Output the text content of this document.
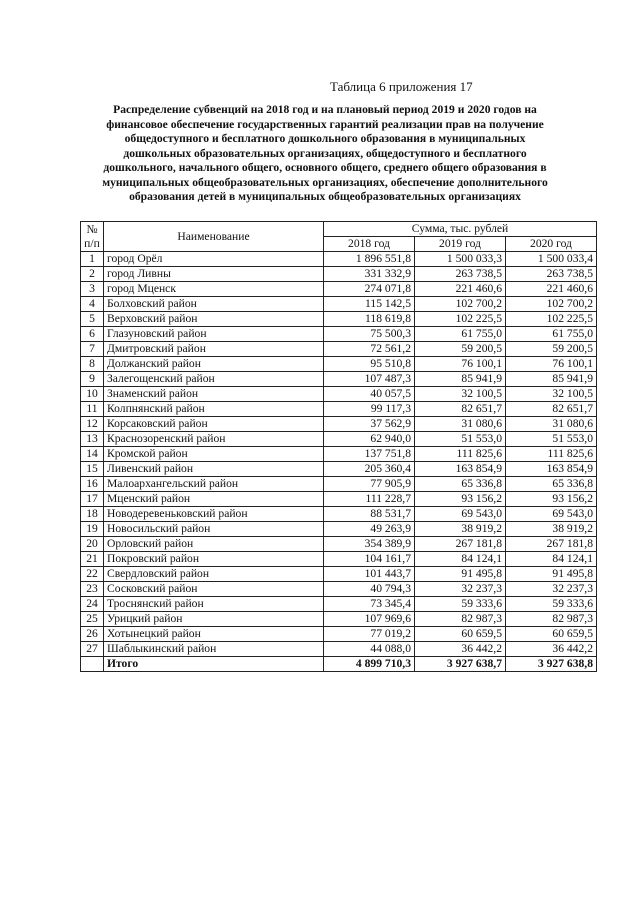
Таблица 6 приложения 17
Распределение субвенций на 2018 год и на плановый период 2019 и 2020 годов на
финансовое обеспечение государственных гарантий реализации прав на получение
общедоступного и бесплатного дошкольного образования в муниципальных
дошкольных образовательных организациях, общедоступного и бесплатного
дошкольного, начального общего, основного общего, среднего общего образования в
муниципальных общеобразовательных организациях, обеспечение дополнительного
образования детей в муниципальных общеобразовательных организациях
№ п/п	Наименование	Сумма, тыс. рублей		
		2018 год	2019 год	2020 год
1	город Орёл	1 896 551,8	1 500 033,3	1 500 033,4
2	город Ливны	331 332,9	263 738,5	263 738,5
3	город Мценск	274 071,8	221 460,6	221 460,6
4	Болховский район	115 142,5	102 700,2	102 700,2
5	Верховский район	118 619,8	102 225,5	102 225,5
6	Глазуновский район	75 500,3	61 755,0	61 755,0
7	Дмитровский район	72 561,2	59 200,5	59 200,5
8	Должанский район	95 510,8	76 100,1	76 100,1
9	Залегощенский район	107 487,3	85 941,9	85 941,9
10	Знаменский район	40 057,5	32 100,5	32 100,5
11	Колпнянский район	99 117,3	82 651,7	82 651,7
12	Корсаковский район	37 562,9	31 080,6	31 080,6
13	Краснозоренский район	62 940,0	51 553,0	51 553,0
14	Кромской район	137 751,8	111 825,6	111 825,6
15	Ливенский район	205 360,4	163 854,9	163 854,9
16	Малоархангельский район	77 905,9	65 336,8	65 336,8
17	Мценский район	111 228,7	93 156,2	93 156,2
18	Новодеревеньковский район	88 531,7	69 543,0	69 543,0
19	Новосильский район	49 263,9	38 919,2	38 919,2
20	Орловский район	354 389,9	267 181,8	267 181,8
21	Покровский район	104 161,7	84 124,1	84 124,1
22	Свердловский район	101 443,7	91 495,8	91 495,8
23	Сосковский район	40 794,3	32 237,3	32 237,3
24	Троснянский район	73 345,4	59 333,6	59 333,6
25	Урицкий район	107 969,6	82 987,3	82 987,3
26	Хотынецкий район	77 019,2	60 659,5	60 659,5
27	Шаблыкинский район	44 088,0	36 442,2	36 442,2
	Итого	4 899 710,3	3 927 638,7	3 927 638,8
